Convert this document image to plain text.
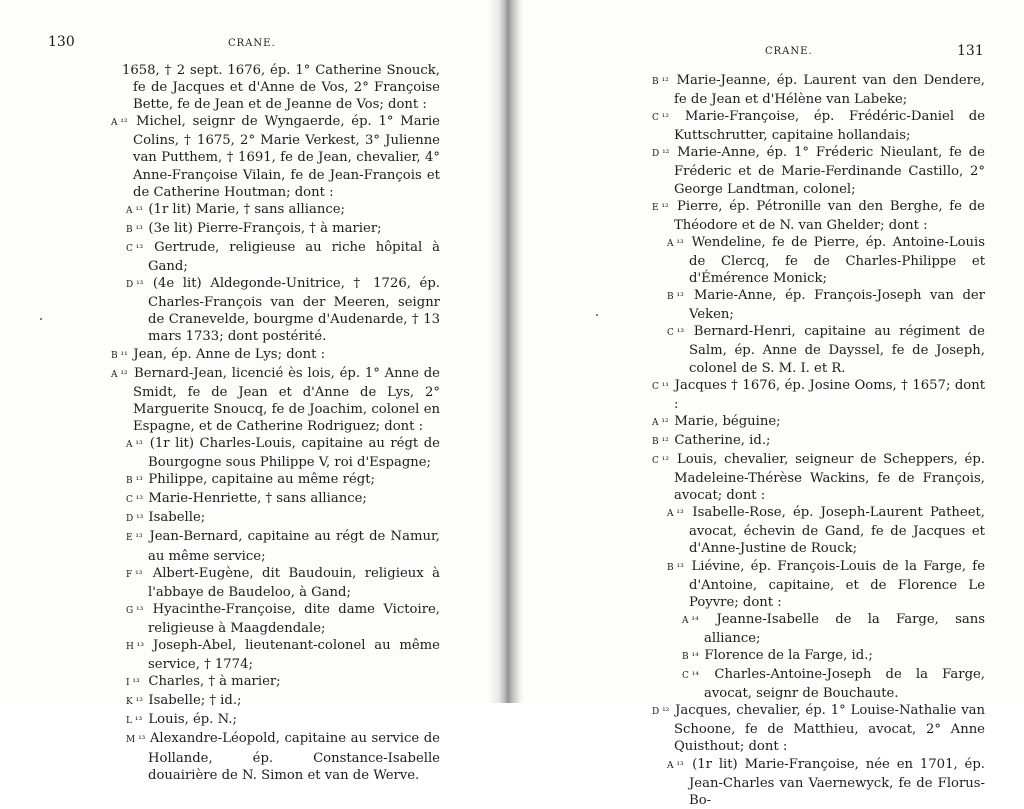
130	CRANE.

1658, † 2 sept. 1676, ép. 1° Catherine Snouck, fe de Jacques et d'Anne de Vos, 2° Françoise Bette, fe de Jean et de Jeanne de Vos; dont :

A ¹² Michel, seignr de Wyngaerde, ép. 1° Marie Colins, † 1675, 2° Marie Verkest, 3° Julienne van Putthem, † 1691, fe de Jean, chevalier, 4° Anne-Françoise Vilain, fe de Jean-François et de Catherine Houtman; dont :

A ¹³ (1r lit) Marie, † sans alliance;

B ¹³ (3e lit) Pierre-François, † à marier;

C ¹³ Gertrude, religieuse au riche hôpital à Gand;

D ¹³ (4e lit) Aldegonde-Unitrice, † 1726, ép. Charles-François van der Meeren, seignr de Cranevelde, bourgme d'Audenarde, † 13 mars 1733; dont postérité.

B ¹¹ Jean, ép. Anne de Lys; dont :

A ¹² Bernard-Jean, licencié ès lois, ép. 1° Anne de Smidt, fe de Jean et d'Anne de Lys, 2° Marguerite Snoucq, fe de Joachim, colonel en Espagne, et de Catherine Rodriguez; dont :

A ¹³ (1r lit) Charles-Louis, capitaine au régt de Bourgogne sous Philippe V, roi d'Espagne;

B ¹³ Philippe, capitaine au même régt;

C ¹³ Marie-Henriette, † sans alliance;

D ¹³ Isabelle;

E ¹³ Jean-Bernard, capitaine au régt de Namur, au même service;

F ¹³ Albert-Eugène, dit Baudouin, religieux à l'abbaye de Baudeloo, à Gand;

G ¹³ Hyacinthe-Françoise, dite dame Victoire, religieuse à Maagdendale;

H ¹³ Joseph-Abel, lieutenant-colonel au même service, † 1774;

I ¹³ Charles, † à marier;

K ¹³ Isabelle; † id.;

L ¹³ Louis, ép. N.;

M ¹³ Alexandre-Léopold, capitaine au service de Hollande, ép. Constance-Isabelle douairière de N. Simon et van de Werve.

131
CRANE.

B ¹² Marie-Jeanne, ép. Laurent van den Dendere, fe de Jean et d'Hélène van Labeke;

C ¹² Marie-Françoise, ép. Frédéric-Daniel de Kuttschrutter, capitaine hollandais;

D ¹² Marie-Anne, ép. 1° Fréderic Nieulant, fe de Fréderic et de Marie-Ferdinande Castillo, 2° George Landtman, colonel;

E ¹² Pierre, ép. Pétronille van den Berghe, fe de Théodore et de N. van Ghelder; dont :

A ¹³ Wendeline, fe de Pierre, ép. Antoine-Louis de Clercq, fe de Charles-Philippe et d'Émérence Monick;

B ¹³ Marie-Anne, ép. François-Joseph van der Veken;

C ¹³ Bernard-Henri, capitaine au régiment de Salm, ép. Anne de Dayssel, fe de Joseph, colonel de S. M. I. et R.

C ¹¹ Jacques † 1676, ép. Josine Ooms, † 1657; dont :

A ¹² Marie, béguine;

B ¹² Catherine, id.;

C ¹² Louis, chevalier, seigneur de Scheppers, ép. Madeleine-Thérèse Wackins, fe de François, avocat; dont :

A ¹³ Isabelle-Rose, ép. Joseph-Laurent Patheet, avocat, échevin de Gand, fe de Jacques et d'Anne-Justine de Rouck;

B ¹³ Liévine, ép. François-Louis de la Farge, fe d'Antoine, capitaine, et de Florence Le Poyvre; dont :

A ¹⁴ Jeanne-Isabelle de la Farge, sans alliance;

B ¹⁴ Florence de la Farge, id.;

C ¹⁴ Charles-Antoine-Joseph de la Farge, avocat, seignr de Bouchaute.

D ¹² Jacques, chevalier, ép. 1° Louise-Nathalie van Schoone, fe de Matthieu, avocat, 2° Anne Quisthout; dont :

A ¹³ (1r lit) Marie-Françoise, née en 1701, ép. Jean-Charles van Vaernewyck, fe de Florus-Bo-
